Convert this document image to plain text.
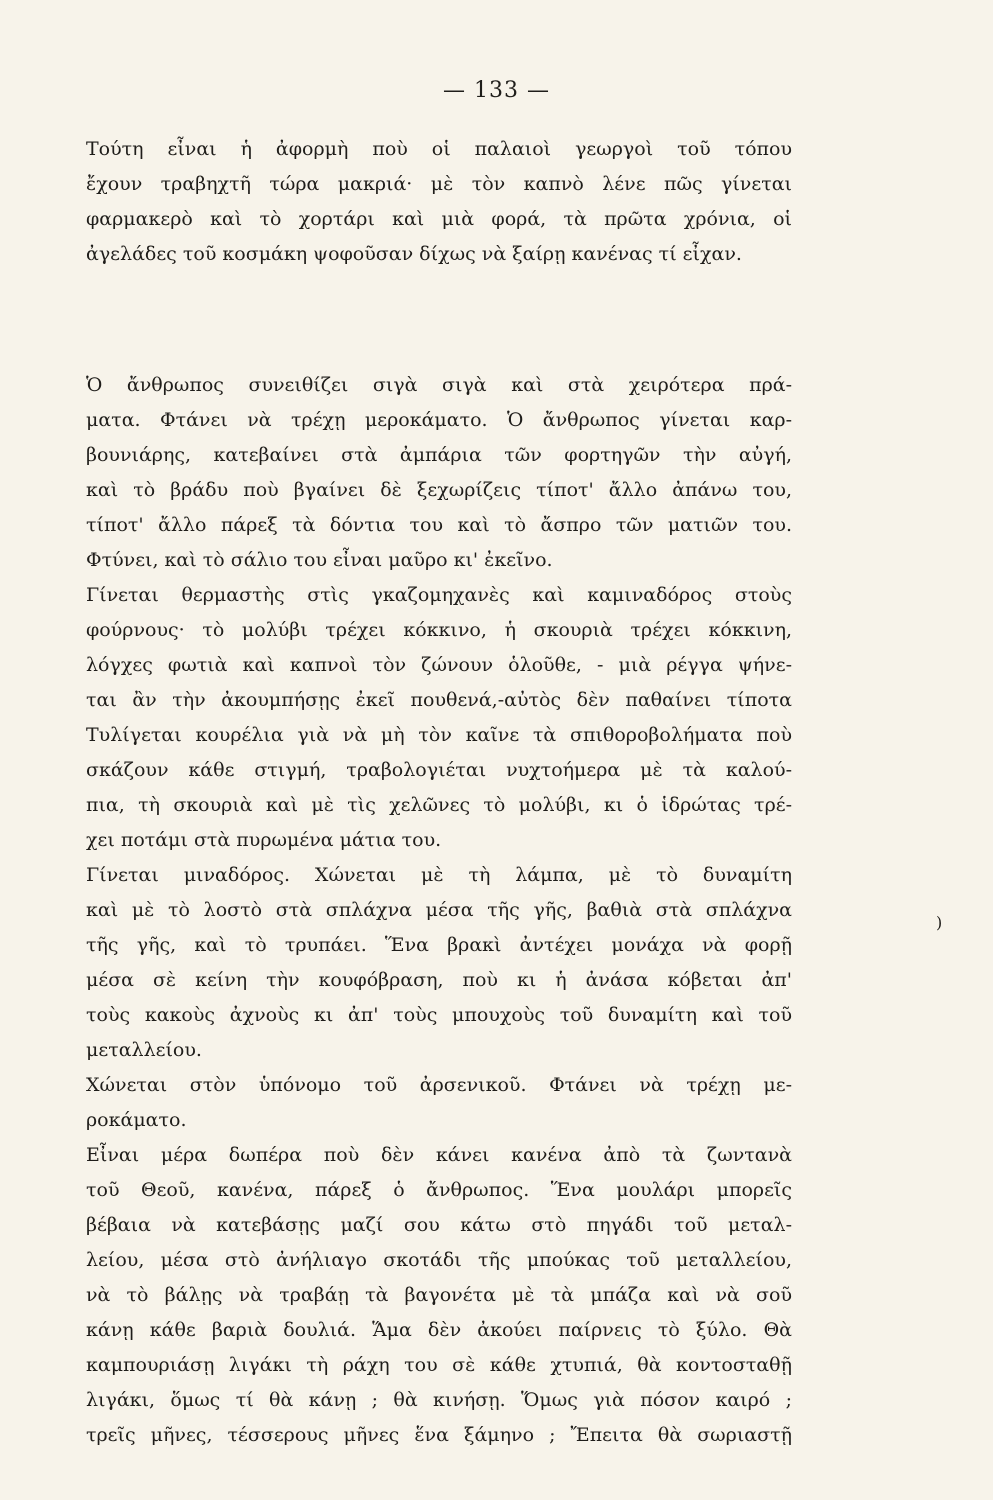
— 133 —
Τούτη εἶναι ἡ ἀφορμὴ ποὺ οἱ παλαιοὶ γεωργοὶ τοῦ τόπου
ἔχουν τραβηχτῆ τώρα μακριά· μὲ τὸν καπνὸ λένε πῶς γίνεται
φαρμακερὸ καὶ τὸ χορτάρι καὶ μιὰ φορά, τὰ πρῶτα χρόνια, οἱ
ἀγελάδες τοῦ κοσμάκη ψοφοῦσαν δίχως νὰ ξαίρῃ κανένας τί εἶχαν.
Ὁ ἄνθρωπος συνειθίζει σιγὰ σιγὰ καὶ στὰ χειρότερα πρά-
ματα. Φτάνει νὰ τρέχῃ μεροκάματο. Ὁ ἄνθρωπος γίνεται καρ-
βουνιάρης, κατεβαίνει στὰ ἀμπάρια τῶν φορτηγῶν τὴν αὐγή,
καὶ τὸ βράδυ ποὺ βγαίνει δὲ ξεχωρίζεις τίποτ' ἄλλο ἀπάνω του,
τίποτ' ἄλλο πάρεξ τὰ δόντια του καὶ τὸ ἄσπρο τῶν ματιῶν του.
Φτύνει, καὶ τὸ σάλιο του εἶναι μαῦρο κι' ἐκεῖνο.
Γίνεται θερμαστὴς στὶς γκαζομηχανὲς καὶ καμιναδόρος στοὺς
φούρνους· τὸ μολύβι τρέχει κόκκινο, ἡ σκουριὰ τρέχει κόκκινη,
λόγχες φωτιὰ καὶ καπνοὶ τὸν ζώνουν ὁλοῦθε, - μιὰ ρέγγα ψήνε-
ται ἂν τὴν ἀκουμπήσῃς ἐκεῖ πουθενά,-αὐτὸς δὲν παθαίνει τίποτα
Τυλίγεται κουρέλια γιὰ νὰ μὴ τὸν καῖνε τὰ σπιθοροβολήματα ποὺ
σκάζουν κάθε στιγμή, τραβολογιέται νυχτοήμερα μὲ τὰ καλού-
πια, τὴ σκουριὰ καὶ μὲ τὶς χελῶνες τὸ μολύβι, κι ὁ ἱδρώτας τρέ-
χει ποτάμι στὰ πυρωμένα μάτια του.
Γίνεται μιναδόρος. Χώνεται μὲ τὴ λάμπα, μὲ τὸ δυναμίτη
καὶ μὲ τὸ λοστὸ στὰ σπλάχνα μέσα τῆς γῆς, βαθιὰ στὰ σπλάχνα
τῆς γῆς, καὶ τὸ τρυπάει. Ἕνα βρακὶ ἀντέχει μονάχα νὰ φορῇ
μέσα σὲ κείνη τὴν κουφόβραση, ποὺ κι ἡ ἀνάσα κόβεται ἀπ'
τοὺς κακοὺς ἀχνοὺς κι ἀπ' τοὺς μπουχοὺς τοῦ δυναμίτη καὶ τοῦ
μεταλλείου.
Χώνεται στὸν ὑπόνομο τοῦ ἀρσενικοῦ. Φτάνει νὰ τρέχῃ με-
ροκάματο.
Εἶναι μέρα δωπέρα ποὺ δὲν κάνει κανένα ἀπὸ τὰ ζωντανὰ
τοῦ Θεοῦ, κανένα, πάρεξ ὁ ἄνθρωπος. Ἕνα μουλάρι μπορεῖς
βέβαια νὰ κατεβάσῃς μαζί σου κάτω στὸ πηγάδι τοῦ μεταλ-
λείου, μέσα στὸ ἀνήλιαγο σκοτάδι τῆς μπούκας τοῦ μεταλλείου,
νὰ τὸ βάλῃς νὰ τραβάῃ τὰ βαγονέτα μὲ τὰ μπάζα καὶ νὰ σοῦ
κάνῃ κάθε βαριὰ δουλιά. Ἅμα δὲν ἀκούει παίρνεις τὸ ξύλο. Θὰ
καμπουριάσῃ λιγάκι τὴ ράχη του σὲ κάθε χτυπιά, θὰ κοντοσταθῇ
λιγάκι, ὅμως τί θὰ κάνῃ ; θὰ κινήσῃ. Ὅμως γιὰ πόσον καιρό ;
τρεῖς μῆνες, τέσσερους μῆνες ἕνα ξάμηνο ; Ἔπειτα θὰ σωριαστῇ
)
